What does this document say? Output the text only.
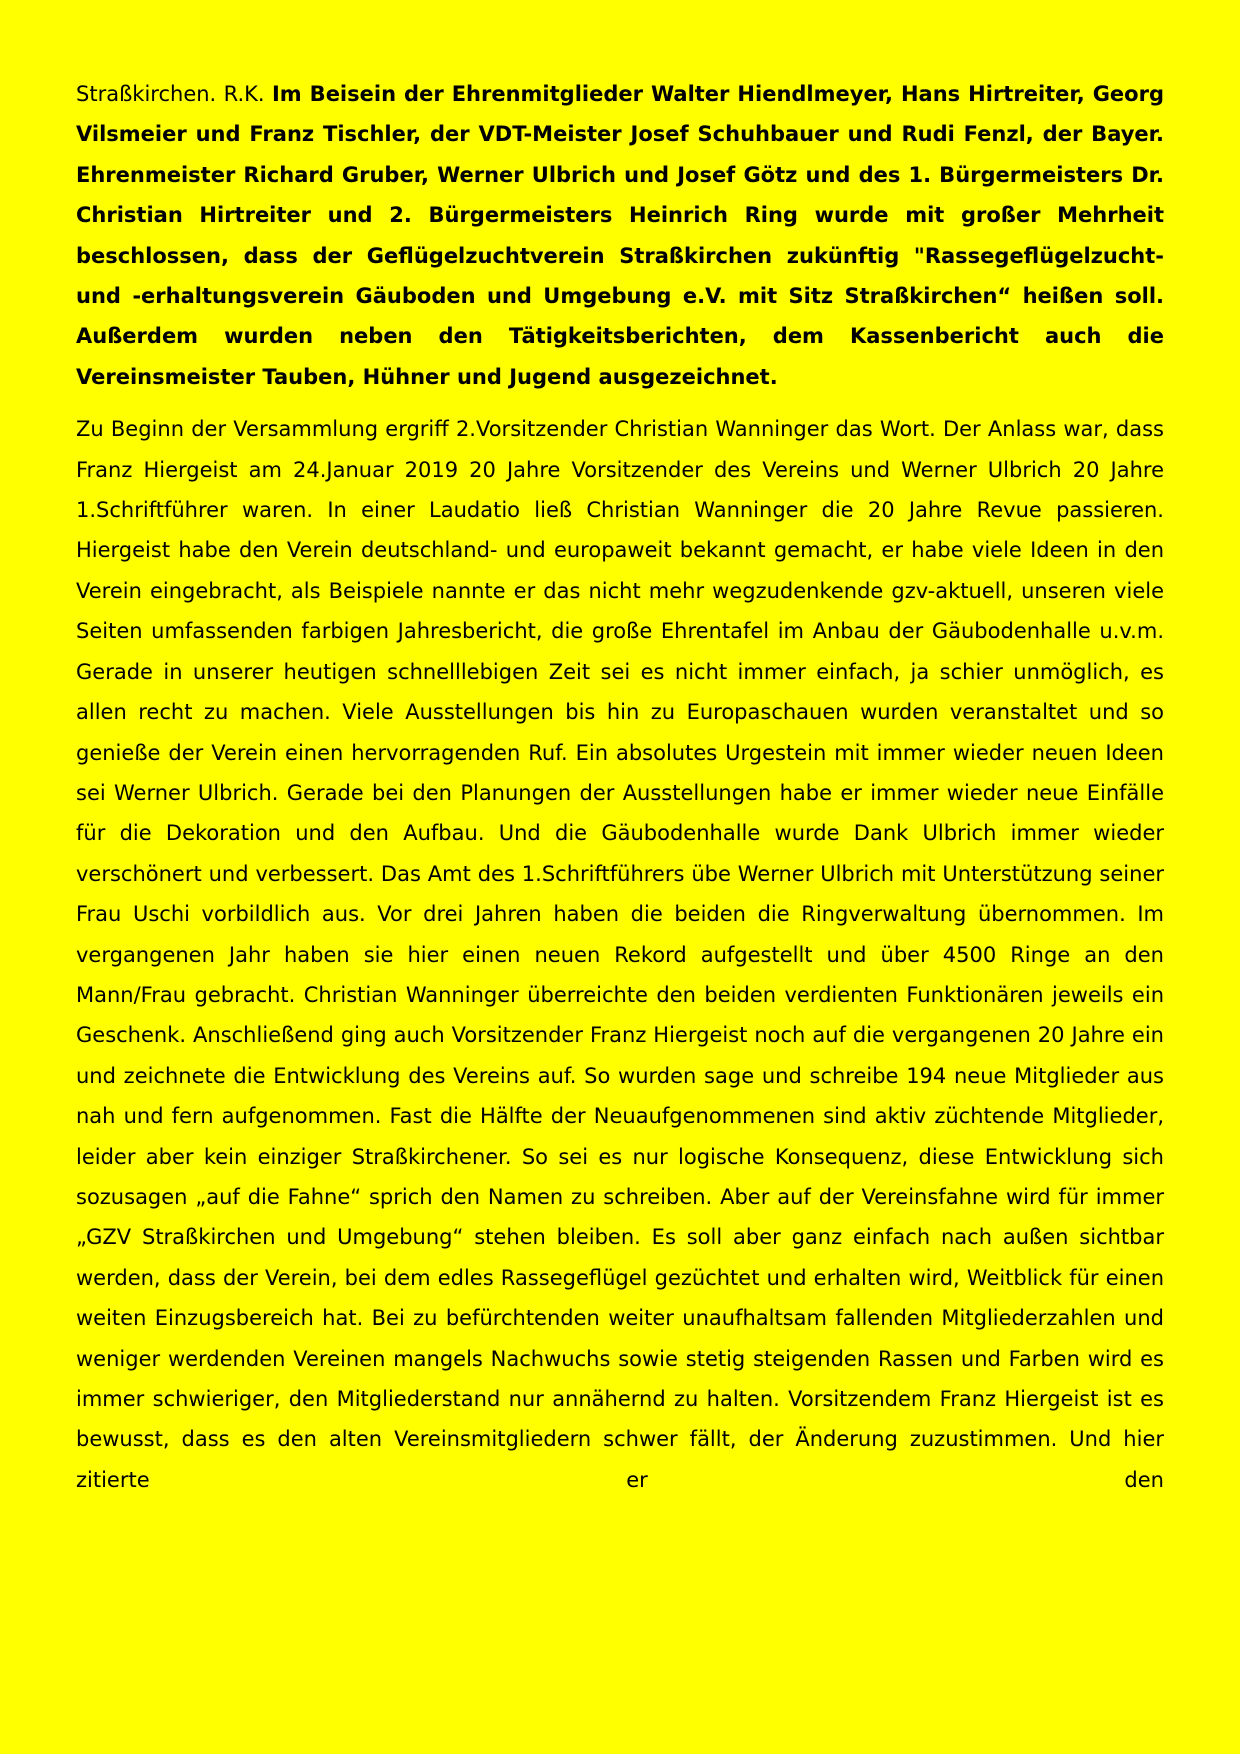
Straßkirchen. R.K. Im Beisein der Ehrenmitglieder Walter Hiendlmeyer, Hans Hirtreiter, Georg Vilsmeier und Franz Tischler, der VDT-Meister Josef Schuhbauer und Rudi Fenzl, der Bayer. Ehrenmeister Richard Gruber, Werner Ulbrich und Josef Götz und des 1. Bürgermeisters Dr. Christian Hirtreiter und 2. Bürgermeisters Heinrich Ring wurde mit großer Mehrheit beschlossen, dass der Geflügelzuchtverein Straßkirchen zukünftig "Rassegeflügelzucht- und -erhaltungsverein Gäuboden und Umgebung e.V. mit Sitz Straßkirchen“ heißen soll. Außerdem wurden neben den Tätigkeitsberichten, dem Kassenbericht auch die Vereinsmeister Tauben, Hühner und Jugend ausgezeichnet.

Zu Beginn der Versammlung ergriff 2.Vorsitzender Christian Wanninger das Wort. Der Anlass war, dass Franz Hiergeist am 24.Januar 2019 20 Jahre Vorsitzender des Vereins und Werner Ulbrich 20 Jahre 1.Schriftführer waren. In einer Laudatio ließ Christian Wanninger die 20 Jahre Revue passieren. Hiergeist habe den Verein deutschland- und europaweit bekannt gemacht, er habe viele Ideen in den Verein eingebracht, als Beispiele nannte er das nicht mehr wegzudenkende gzv-aktuell, unseren viele Seiten umfassenden farbigen Jahresbericht, die große Ehrentafel im Anbau der Gäubodenhalle u.v.m. Gerade in unserer heutigen schnelllebigen Zeit sei es nicht immer einfach, ja schier unmöglich, es allen recht zu machen. Viele Ausstellungen bis hin zu Europaschauen wurden veranstaltet und so genieße der Verein einen hervorragenden Ruf. Ein absolutes Urgestein mit immer wieder neuen Ideen sei Werner Ulbrich. Gerade bei den Planungen der Ausstellungen habe er immer wieder neue Einfälle für die Dekoration und den Aufbau. Und die Gäubodenhalle wurde Dank Ulbrich immer wieder verschönert und verbessert. Das Amt des 1.Schriftführers übe Werner Ulbrich mit Unterstützung seiner Frau Uschi vorbildlich aus. Vor drei Jahren haben die beiden die Ringverwaltung übernommen. Im vergangenen Jahr haben sie hier einen neuen Rekord aufgestellt und über 4500 Ringe an den Mann/Frau gebracht. Christian Wanninger überreichte den beiden verdienten Funktionären jeweils ein Geschenk. Anschließend ging auch Vorsitzender Franz Hiergeist noch auf die vergangenen 20 Jahre ein und zeichnete die Entwicklung des Vereins auf. So wurden sage und schreibe 194 neue Mitglieder aus nah und fern aufgenommen. Fast die Hälfte der Neuaufgenommenen sind aktiv züchtende Mitglieder, leider aber kein einziger Straßkirchener. So sei es nur logische Konsequenz, diese Entwicklung sich sozusagen „auf die Fahne“ sprich den Namen zu schreiben. Aber auf der Vereinsfahne wird für immer „GZV Straßkirchen und Umgebung“ stehen bleiben. Es soll aber ganz einfach nach außen sichtbar werden, dass der Verein, bei dem edles Rassegeflügel gezüchtet und erhalten wird, Weitblick für einen weiten Einzugsbereich hat. Bei zu befürchtenden weiter unaufhaltsam fallenden Mitgliederzahlen und weniger werdenden Vereinen mangels Nachwuchs sowie stetig steigenden Rassen und Farben wird es immer schwieriger, den Mitgliederstand nur annähernd zu halten. Vorsitzendem Franz Hiergeist ist es bewusst, dass es den alten Vereinsmitgliedern schwer fällt, der Änderung zuzustimmen. Und hier zitierte er den
